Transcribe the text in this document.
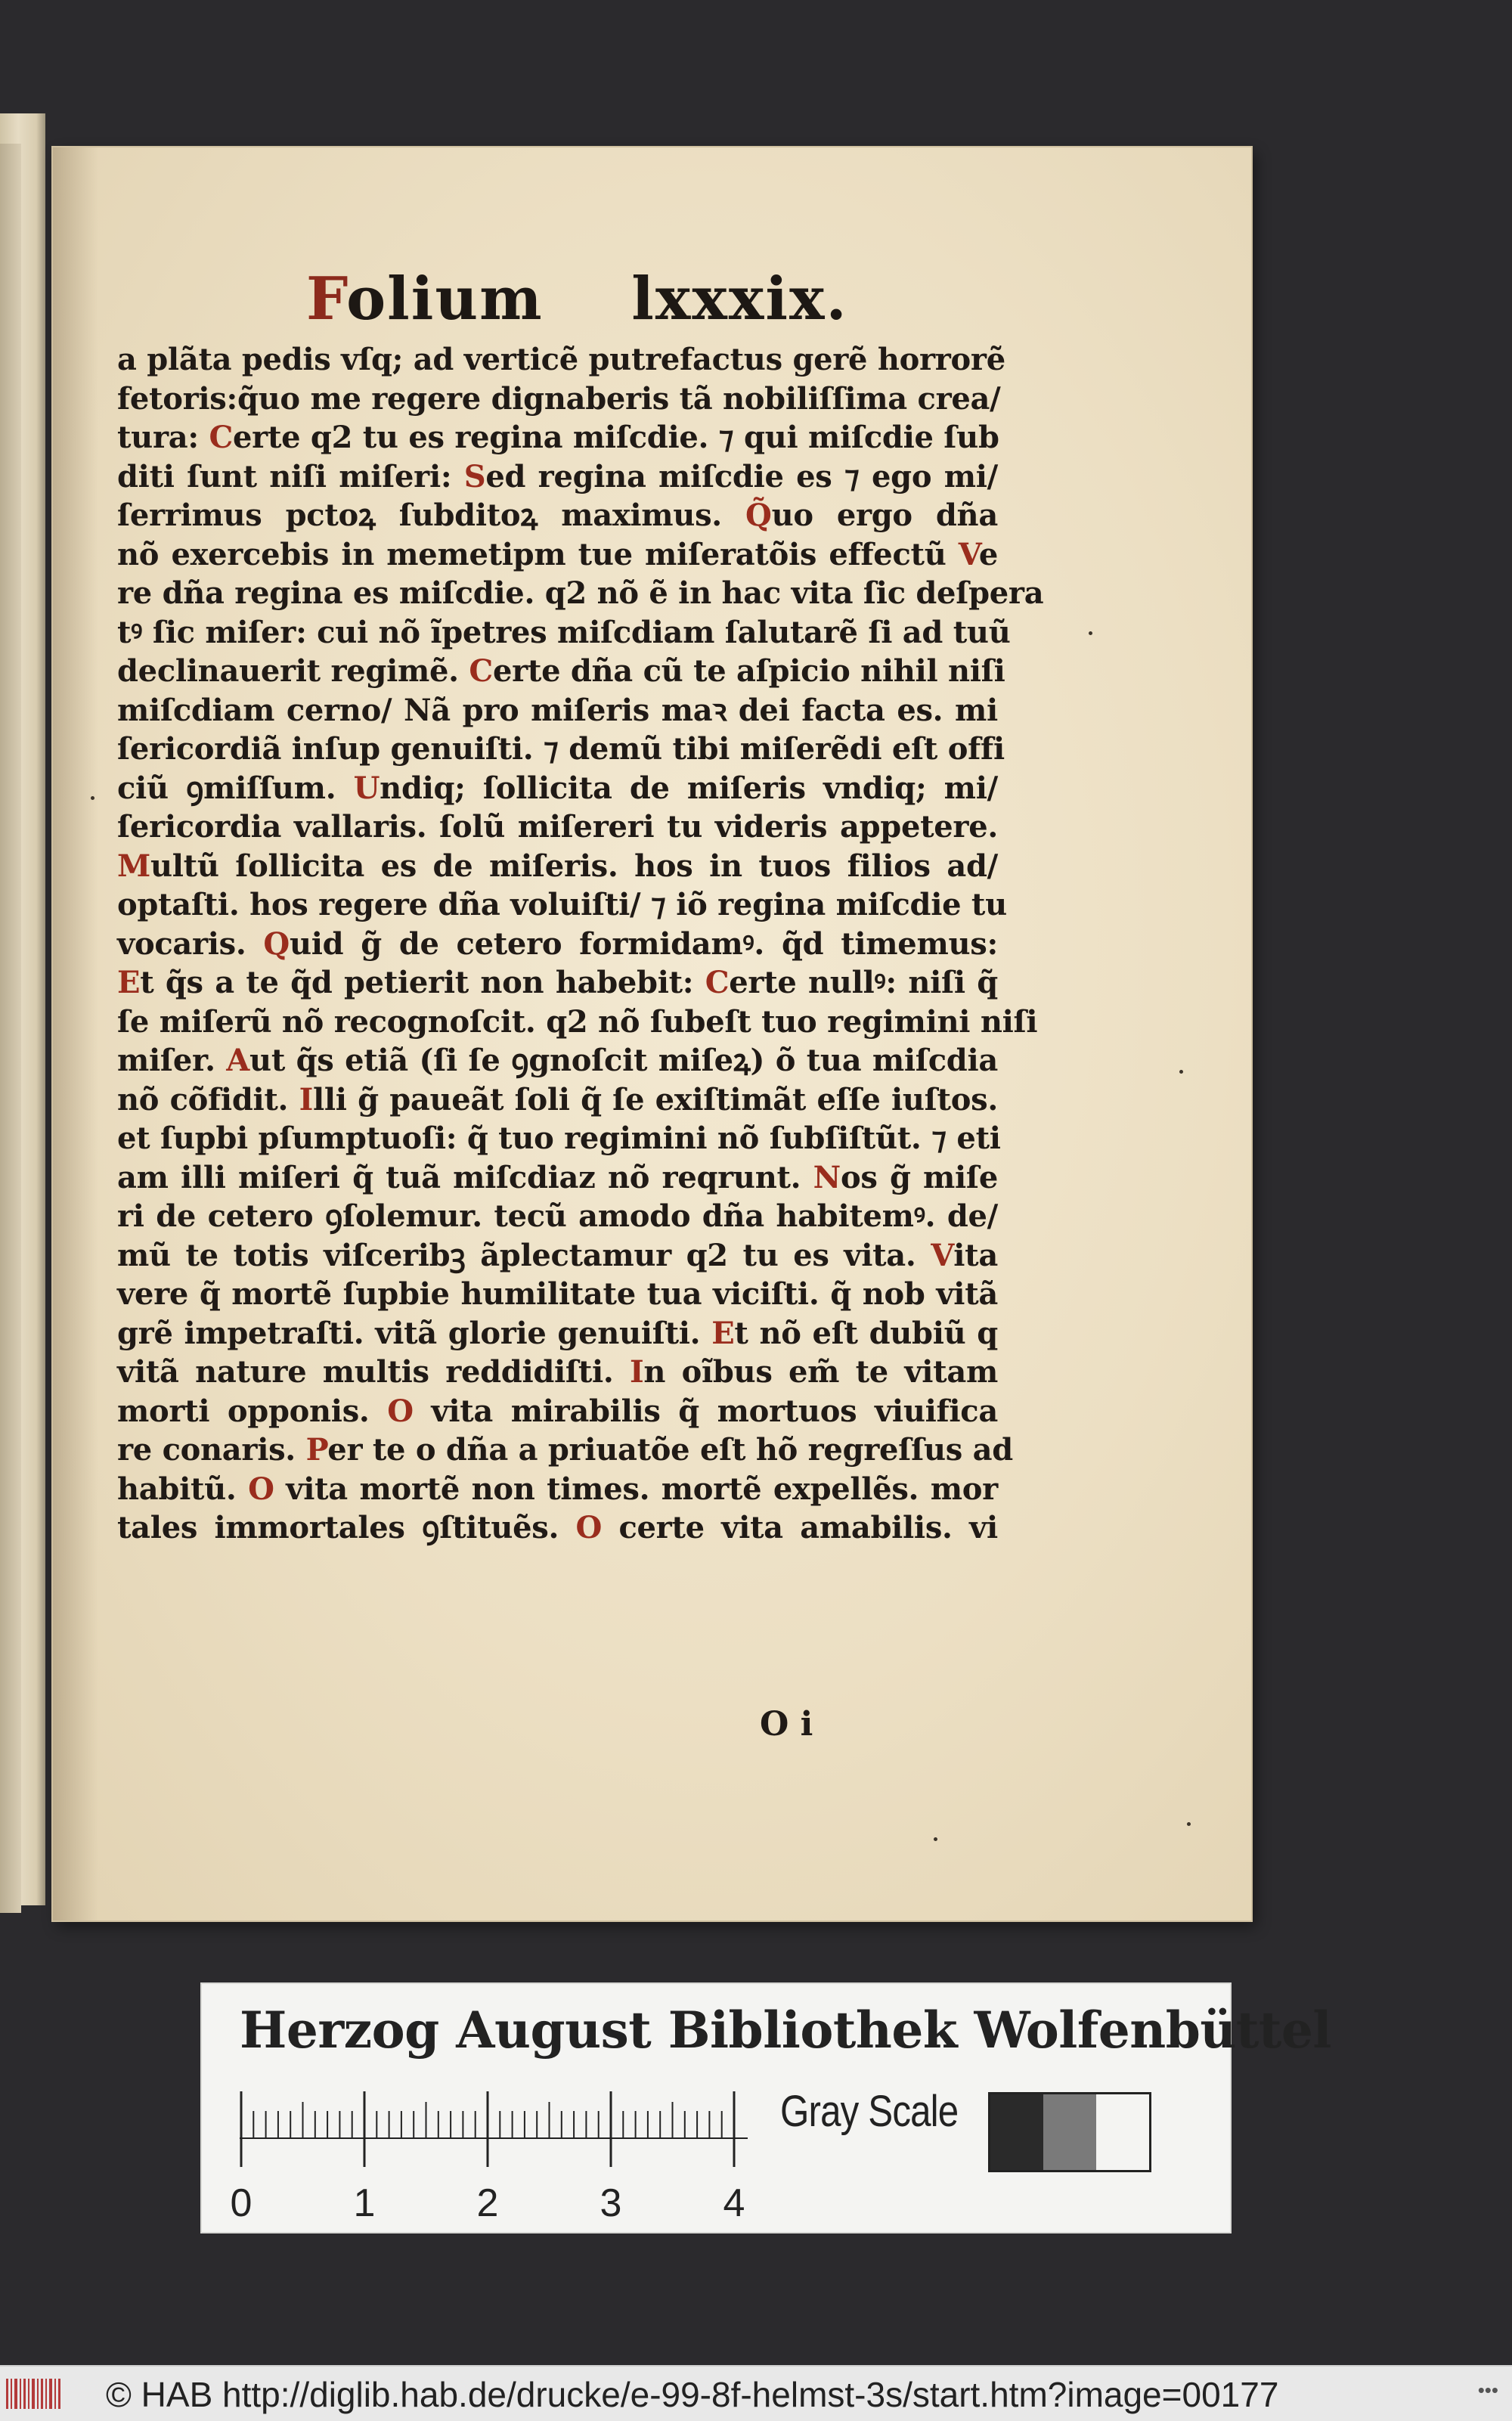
Folium lxxxix.

a plãta pedis vſq; ad verticẽ putrefactus gerẽ horrorẽ
fetoris:q̃uo me regere dignaberis tã nobiliſſima crea/
tura: Certe q2 tu es regina miſcdie. ⁊ qui miſcdie ſub
diti ſunt niſi miſeri: Sed regina miſcdie es ⁊ ego mi/
ſerrimus pctoꝝ ſubditoꝝ maximus. Q̃uo ergo dña
nõ exercebis in memetipm tue miſeratõis effectũ Ve
re dña regina es miſcdie. q2 nõ ẽ in hac vita ſic deſpera
tꝰ ſic miſer: cui nõ ĩpetres miſcdiam ſalutarẽ ſi ad tuũ
declinauerit regimẽ. Certe dña cũ te aſpicio nihil niſi
miſcdiam cerno/ Nã pro miſeris maꝛ dei facta es. mi
ſericordiã inſup genuiſti. ⁊ demũ tibi miſerẽdi eſt offi
ciũ ꝯmiſſum. Undiq; ſollicita de miſeris vndiq; mi/
ſericordia vallaris. ſolũ miſereri tu videris appetere.
Multũ ſollicita es de miſeris. hos in tuos filios ad/
optaſti. hos regere dña voluiſti/ ⁊ iõ regina miſcdie tu
vocaris. Quid g̃ de cetero formidamꝰ. q̃d timemus:
Et q̃s a te q̃d petierit non habebit: Certe nullꝰ: niſi q̃
ſe miſerũ nõ recognoſcit. q2 nõ ſubeſt tuo regimini niſi
miſer. Aut q̃s etiã (ſi ſe ꝯgnoſcit miſeꝝ) õ tua miſcdia
nõ cõfidit. Illi g̃ paueãt ſoli q̃ ſe exiſtimãt eſſe iuſtos.
et ſupbi pſumptuoſi: q̃ tuo regimini nõ ſubſiſtũt. ⁊ eti
am illi miſeri q̃ tuã miſcdiaz nõ reqrunt. Nos g̃ miſe
ri de cetero ꝯſolemur. tecũ amodo dña habitemꝰ. de/
mũ te totis viſceribꝫ ãplectamur q2 tu es vita. Vita
vere q̃ mortẽ ſupbie humilitate tua viciſti. q̃ nob vitã
grẽ impetraſti. vitã glorie genuiſti. Et nõ eſt dubiũ q
vitã nature multis reddidiſti. In oĩbus em̃ te vitam
morti opponis. O vita mirabilis q̃ mortuos viuifica
re conaris. Per te o dña a priuatõe eſt hõ regreſſus ad
habitũ. O vita mortẽ non times. mortẽ expellẽs. mor
tales immortales ꝯſtituẽs. O certe vita amabilis. vi

O i

Herzog August Bibliothek Wolfenbüttel

0	1	2	3	4

Gray Scale

© HAB http://diglib.hab.de/drucke/e-99-8f-helmst-3s/start.htm?image=00177	•••
